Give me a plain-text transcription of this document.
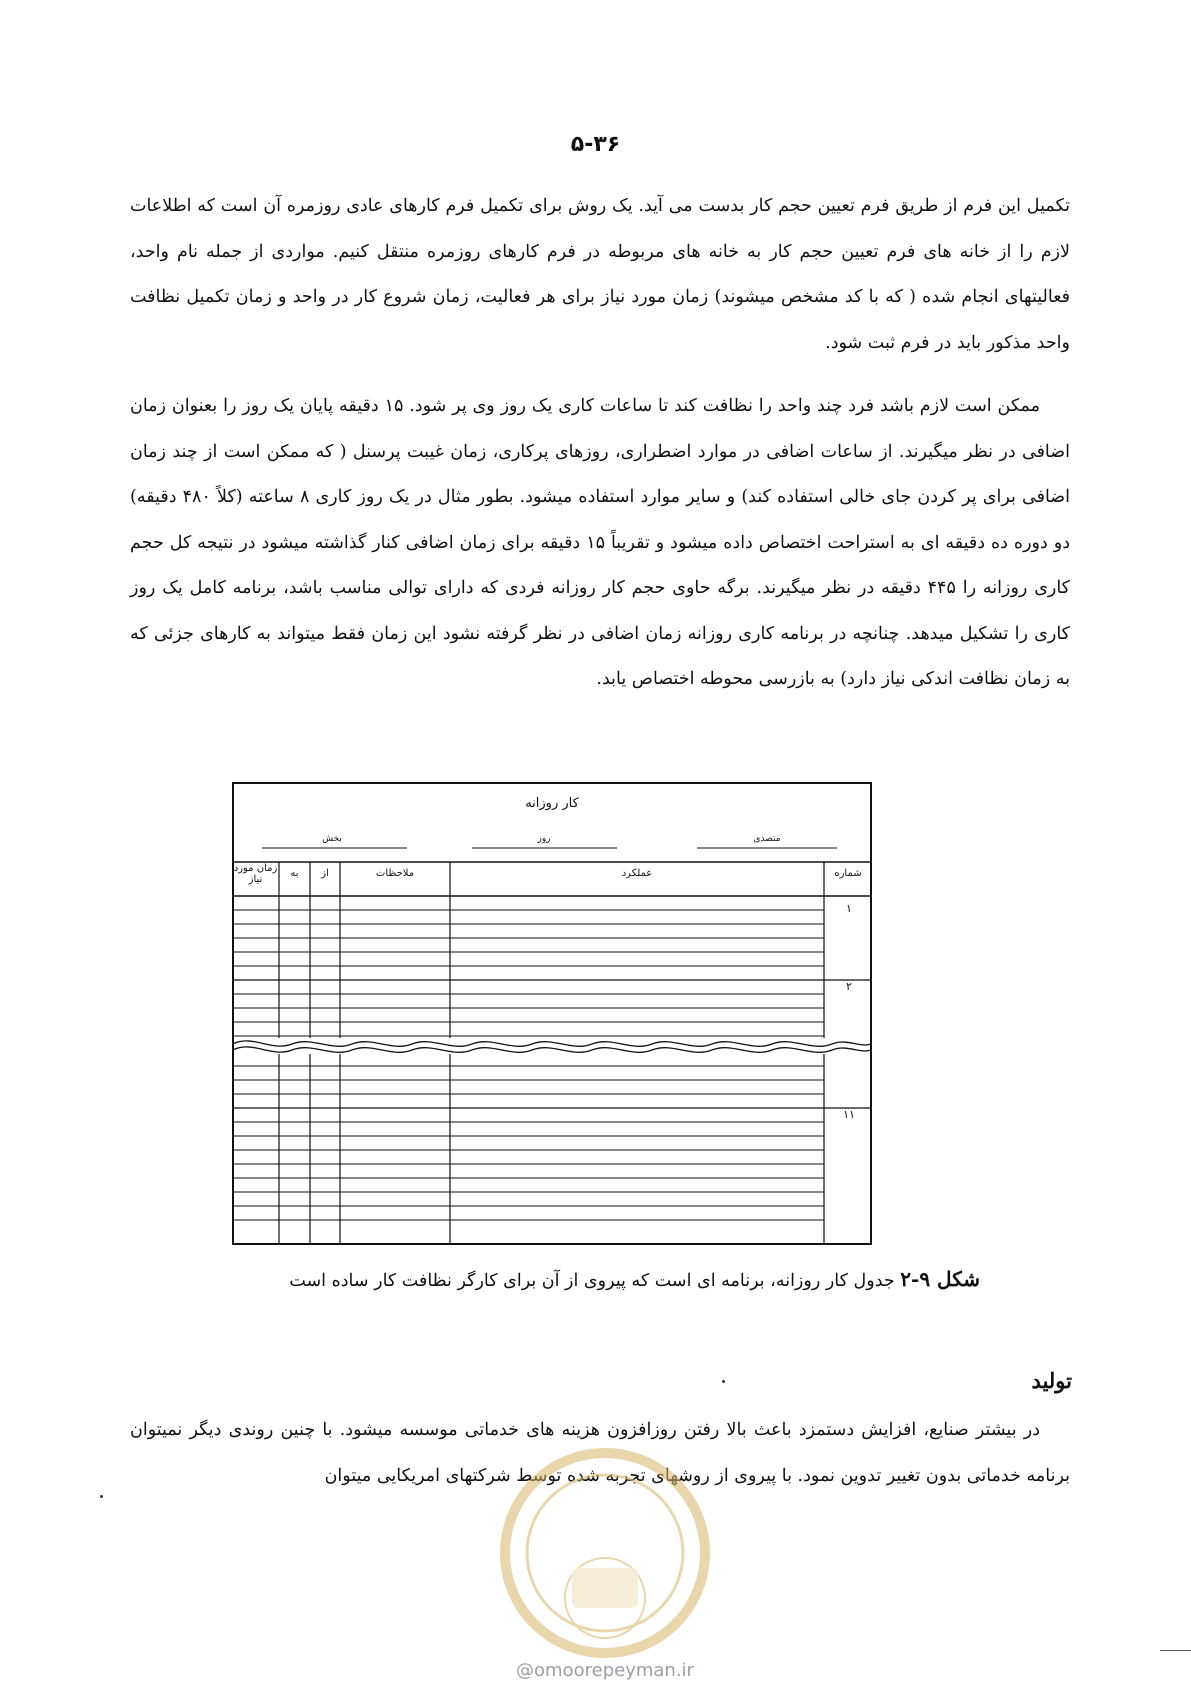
۵-۳۶

تکمیل این فرم از طریق فرم تعیین حجم کار بدست می آید. یک روش برای تکمیل فرم کارهای عادی روزمره آن است که اطلاعات لازم را از خانه های فرم تعیین حجم کار به خانه های مربوطه در فرم کارهای روزمره منتقل کنیم. مواردی از جمله نام واحد، فعالیتهای انجام شده ( که با کد مشخص میشوند) زمان مورد نیاز برای هر فعالیت، زمان شروع کار در واحد و زمان تکمیل نظافت واحد مذکور باید در فرم ثبت شود.

ممکن است لازم باشد فرد چند واحد را نظافت کند تا ساعات کاری یک روز وی پر شود. ۱۵ دقیقه پایان یک روز را بعنوان زمان اضافی در نظر میگیرند. از ساعات اضافی در موارد اضطراری، روزهای پرکاری، زمان غیبت پرسنل ( که ممکن است از چند زمان اضافی برای پر کردن جای خالی استفاده کند) و سایر موارد استفاده میشود. بطور مثال در یک روز کاری ۸ ساعته (کلاً ۴۸۰ دقیقه) دو دوره ده دقیقه ای به استراحت اختصاص داده میشود و تقریباً ۱۵ دقیقه برای زمان اضافی کنار گذاشته میشود در نتیجه کل حجم کاری روزانه را ۴۴۵ دقیقه در نظر میگیرند. برگه حاوی حجم کار روزانه فردی که دارای توالی مناسب باشد، برنامه کامل یک روز کاری را تشکیل میدهد. چنانچه در برنامه کاری روزانه زمان اضافی در نظر گرفته نشود این زمان فقط میتواند به کارهای جزئی که به زمان نظافت اندکی نیاز دارد) به بازرسی محوطه اختصاص یابد.

کار روزانه
بخش	روز	متصدی
شماره
عملکرد
ملاحظات
از
به
زمان مورد نیاز
۱
۲
۱۱
شکل ۹-۲ جدول کار روزانه، برنامه ای است که پیروی از آن برای کارگر نظافت کار ساده است
تولید

در بیشتر صنایع، افزایش دستمزد باعث بالا رفتن روزافزون هزینه های خدماتی موسسه میشود. با چنین روندی دیگر نمیتوان برنامه خدماتی بدون تغییر تدوین نمود. با پیروی از روشهای تجربه شده توسط شرکتهای امریکایی میتوان

@omoorepeyman.ir
